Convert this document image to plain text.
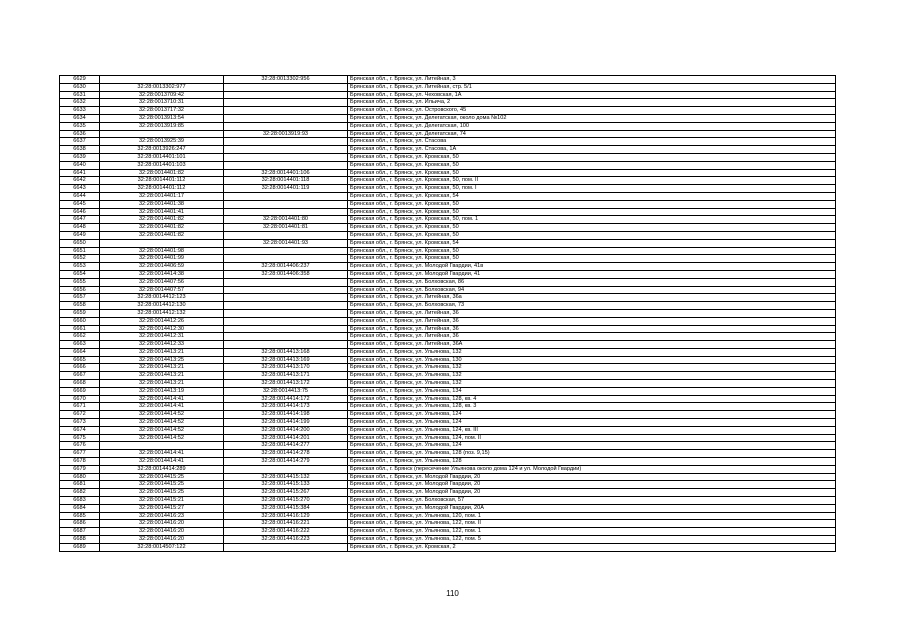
6629		32:28:0013302:956	Брянская обл., г. Брянск, ул. Литейная, 3
6630	32:28:0013302:977		Брянская обл., г. Брянск, ул. Литейная, стр. 5/1
6631	32:28:0013709:42		Брянская обл., г. Брянск, ул. Чеховская, 1А
6632	32:28:0013710:31		Брянская обл., г. Брянск, ул. Ильича, 2
6633	32:28:0013717:32		Брянская обл., г. Брянск, ул. Островского, 45
6634	32:28:0013913:54		Брянская обл., г. Брянск, ул. Делегатская, около дома №102
6635	32:28:0013919:85		Брянская обл., г. Брянск, ул. Делегатская, 100
6636		32:28:0013919:93	Брянская обл., г. Брянск, ул. Делегатская, 74
6637	32:28:0013925:39		Брянская обл., г. Брянск, ул. Стасова
6638	32:28:0013926:247		Брянская обл., г. Брянск, ул. Стасова, 1А
6639	32:28:0014401:101		Брянская обл., г. Брянск, ул. Кромская, 50
6640	32:28:0014401:103		Брянская обл., г. Брянск, ул. Кромская, 50
6641	32:28:0014401:82	32:28:0014401:106	Брянская обл., г. Брянск, ул. Кромская, 50
6642	32:28:0014401:112	32:28:0014401:118	Брянская обл., г. Брянск, ул. Кромская, 50, пом. II
6643	32:28:0014401:112	32:28:0014401:119	Брянская обл., г. Брянск, ул. Кромская, 50, пом. I
6644	32:28:0014401:17		Брянская обл., г. Брянск, ул. Кромская, 54
6645	32:28:0014401:38		Брянская обл., г. Брянск, ул. Кромская, 50
6646	32:28:0014401:41		Брянская обл., г. Брянск, ул. Кромская, 50
6647	32:28:0014401:82	32:28:0014401:80	Брянская обл., г. Брянск, ул. Кромская, 50, пом. 1
6648	32:28:0014401:82	32:28:0014401:81	Брянская обл., г. Брянск, ул. Кромская, 50
6649	32:28:0014401:82		Брянская обл., г. Брянск, ул. Кромская, 50
6650		32:28:0014401:93	Брянская обл., г. Брянск, ул. Кромская, 54
6651	32:28:0014401:98		Брянская обл., г. Брянск, ул. Кромская, 50
6652	32:28:0014401:99		Брянская обл., г. Брянск, ул. Кромская, 50
6653	32:28:0014406:59	32:28:0014406:237	Брянская обл., г. Брянск, ул. Молодой Гвардии, 41в
6654	32:28:0014414:38	32:28:0014406:358	Брянская обл., г. Брянск, ул. Молодой Гвардии, 41
6655	32:28:0014407:56		Брянская обл., г. Брянск, ул. Болховская, 86
6656	32:28:0014407:57		Брянская обл., г. Брянск, ул. Болховская, 94
6657	32:28:0014412:123		Брянская обл., г. Брянск, ул. Литейная, 36а
6658	32:28:0014412:130		Брянская обл., г. Брянск, ул. Болховская, 73
6659	32:28:0014412:132		Брянская обл., г. Брянск, ул. Литейная, 36
6660	32:28:0014412:26		Брянская обл., г. Брянск, ул. Литейная, 36
6661	32:28:0014412:30		Брянская обл., г. Брянск, ул. Литейная, 36
6662	32:28:0014412:31		Брянская обл., г. Брянск, ул. Литейная, 36
6663	32:28:0014412:33		Брянская обл., г. Брянск, ул. Литейная, 36А
6664	32:28:0014413:21	32:28:0014413:168	Брянская обл., г. Брянск, ул. Ульянова, 132
6665	32:28:0014413:25	32:28:0014413:169	Брянская обл., г. Брянск, ул. Ульянова, 130
6666	32:28:0014413:21	32:28:0014413:170	Брянская обл., г. Брянск, ул. Ульянова, 132
6667	32:28:0014413:21	32:28:0014413:171	Брянская обл., г. Брянск, ул. Ульянова, 132
6668	32:28:0014413:21	32:28:0014413:172	Брянская обл., г. Брянск, ул. Ульянова, 132
6669	32:28:0014413:19	32:28:0014413:75	Брянская обл., г. Брянск, ул. Ульянова, 134
6670	32:28:0014414:41	32:28:0014414:172	Брянская обл., г. Брянск, ул. Ульянова, 128, кв. 4
6671	32:28:0014414:41	32:28:0014414:173	Брянская обл., г. Брянск, ул. Ульянова, 128, кв. 3
6672	32:28:0014414:52	32:28:0014414:198	Брянская обл., г. Брянск, ул. Ульянова, 124
6673	32:28:0014414:52	32:28:0014414:199	Брянская обл., г. Брянск, ул. Ульянова, 124
6674	32:28:0014414:52	32:28:0014414:200	Брянская обл., г. Брянск, ул. Ульянова, 124, кв. III
6675	32:28:0014414:52	32:28:0014414:201	Брянская обл., г. Брянск, ул. Ульянова, 124, пом. II
6676		32:28:0014414:277	Брянская обл., г. Брянск, ул. Ульянова, 124
6677	32:28:0014414:41	32:28:0014414:278	Брянская обл., г. Брянск, ул. Ульянова, 128 (поз. 9,15)
6678	32:28:0014414:41	32:28:0014414:279	Брянская обл., г. Брянск, ул. Ульянова, 128
6679	32:28:0014414:289		Брянская обл., г. Брянск (пересечение Ульянова около дома 124 и ул. Молодой Гвардии)
6680	32:28:0014415:25	32:28:0014415:132	Брянская обл., г. Брянск, ул. Молодой Гвардии, 20
6681	32:28:0014415:25	32:28:0014415:133	Брянская обл., г. Брянск, ул. Молодой Гвардии, 20
6682	32:28:0014415:25	32:28:0014415:267	Брянская обл., г. Брянск, ул. Молодой Гвардии, 20
6683	32:28:0014415:21	32:28:0014415:270	Брянская обл., г. Брянск, ул. Болховская, 57
6684	32:28:0014415:27	32:28:0014415:384	Брянская обл., г. Брянск, ул. Молодой Гвардии, 20А
6685	32:28:0014416:23	32:28:0014416:129	Брянская обл., г. Брянск, ул. Ульянова, 120, пом. 1
6686	32:28:0014416:20	32:28:0014416:221	Брянская обл., г. Брянск, ул. Ульянова, 122, пом. II
6687	32:28:0014416:20	32:28:0014416:222	Брянская обл., г. Брянск, ул. Ульянова, 122, пом. 1
6688	32:28:0014416:20	32:28:0014416:223	Брянская обл., г. Брянск, ул. Ульянова, 122, пом. 5
6689	32:28:0014507:122		Брянская обл., г. Брянск, ул. Кромская, 2
110
